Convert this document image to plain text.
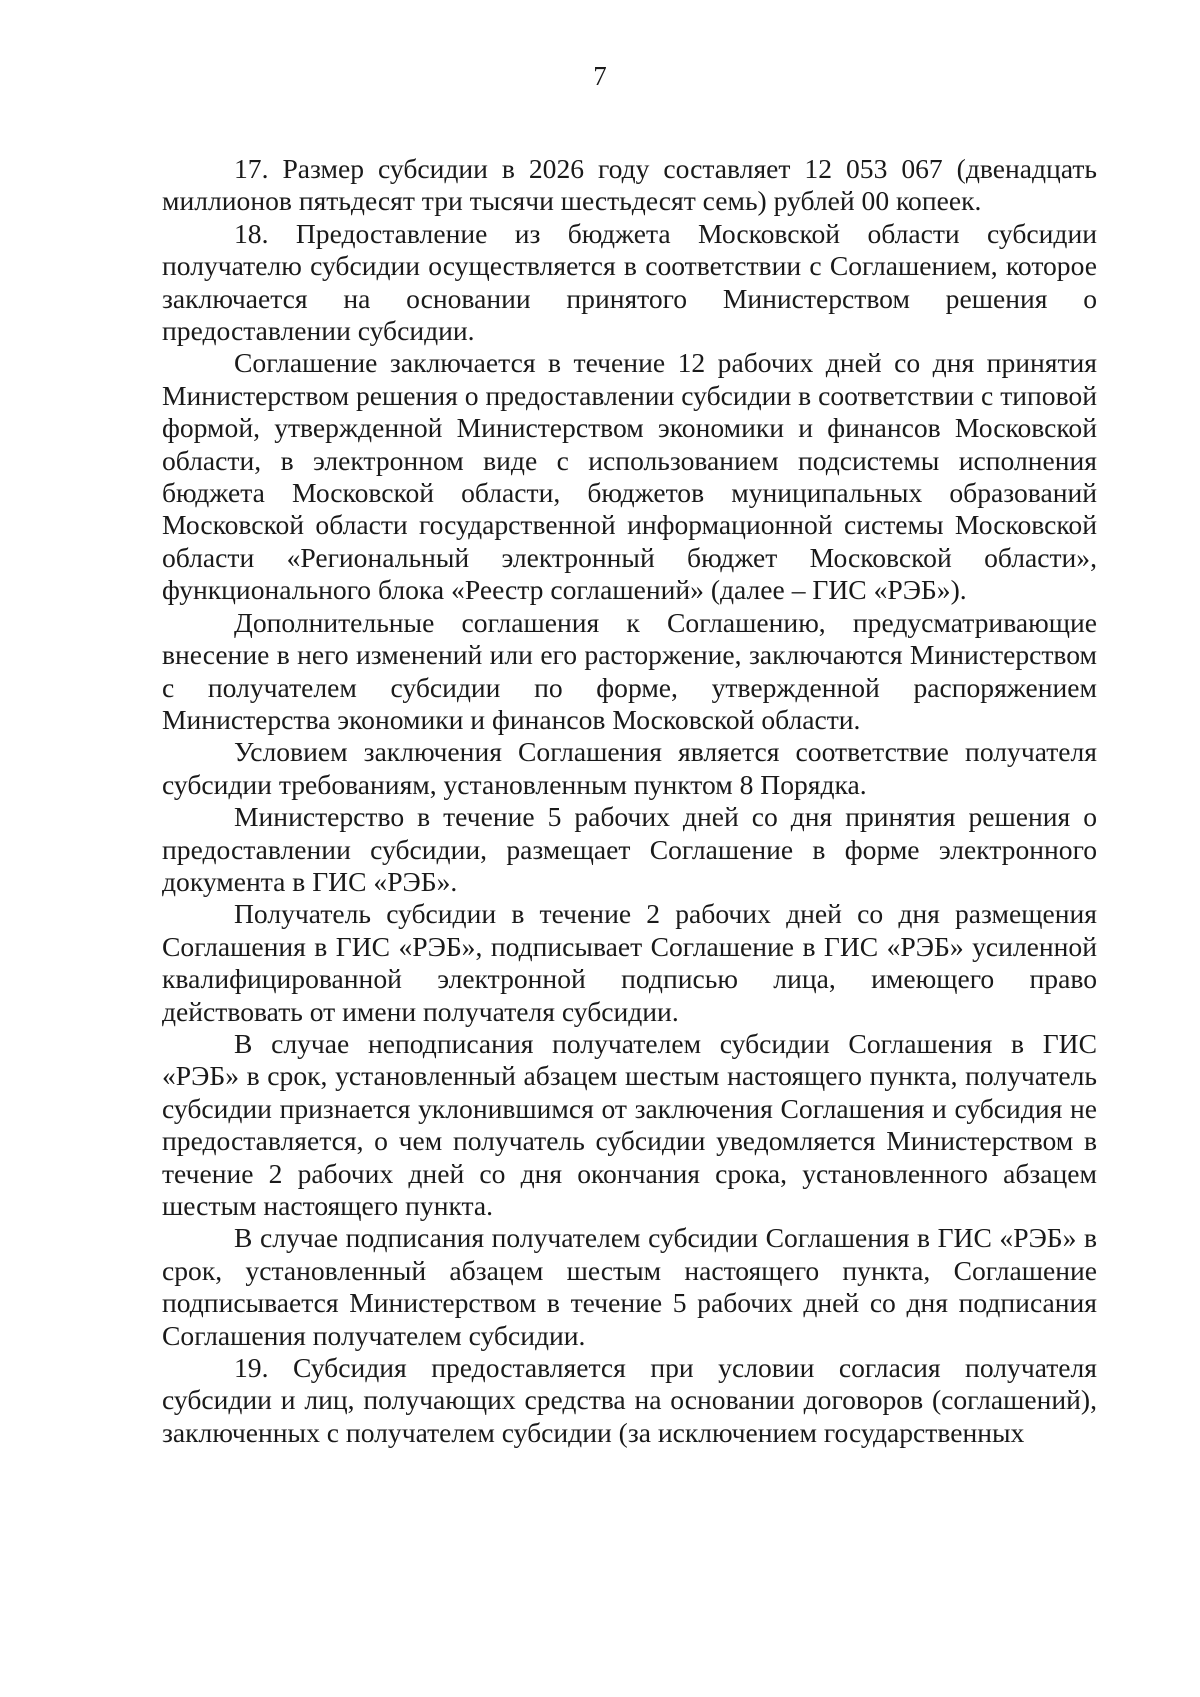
7

17. Размер субсидии в 2026 году составляет 12 053 067 (двенадцать миллионов пятьдесят три тысячи шестьдесят семь) рублей 00 копеек.

18. Предоставление из бюджета Московской области субсидии получателю субсидии осуществляется в соответствии с Соглашением, которое заключается на основании принятого Министерством решения о предоставлении субсидии.

Соглашение заключается в течение 12 рабочих дней со дня принятия Министерством решения о предоставлении субсидии в соответствии с типовой формой, утвержденной Министерством экономики и финансов Московской области, в электронном виде с использованием подсистемы исполнения бюджета Московской области, бюджетов муниципальных образований Московской области государственной информационной системы Московской области «Региональный электронный бюджет Московской области», функционального блока «Реестр соглашений» (далее – ГИС «РЭБ»).

Дополнительные соглашения к Соглашению, предусматривающие внесение в него изменений или его расторжение, заключаются Министерством с получателем субсидии по форме, утвержденной распоряжением Министерства экономики и финансов Московской области.

Условием заключения Соглашения является соответствие получателя субсидии требованиям, установленным пунктом 8 Порядка.

Министерство в течение 5 рабочих дней со дня принятия решения о предоставлении субсидии, размещает Соглашение в форме электронного документа в ГИС «РЭБ».

Получатель субсидии в течение 2 рабочих дней со дня размещения Соглашения в ГИС «РЭБ», подписывает Соглашение в ГИС «РЭБ» усиленной квалифицированной электронной подписью лица, имеющего право действовать от имени получателя субсидии.

В случае неподписания получателем субсидии Соглашения в ГИС «РЭБ» в срок, установленный абзацем шестым настоящего пункта, получатель субсидии признается уклонившимся от заключения Соглашения и субсидия не предоставляется, о чем получатель субсидии уведомляется Министерством в течение 2 рабочих дней со дня окончания срока, установленного абзацем шестым настоящего пункта.

В случае подписания получателем субсидии Соглашения в ГИС «РЭБ» в срок, установленный абзацем шестым настоящего пункта, Соглашение подписывается Министерством в течение 5 рабочих дней со дня подписания Соглашения получателем субсидии.

19. Субсидия предоставляется при условии согласия получателя субсидии и лиц, получающих средства на основании договоров (соглашений), заключенных с получателем субсидии (за исключением государственных
